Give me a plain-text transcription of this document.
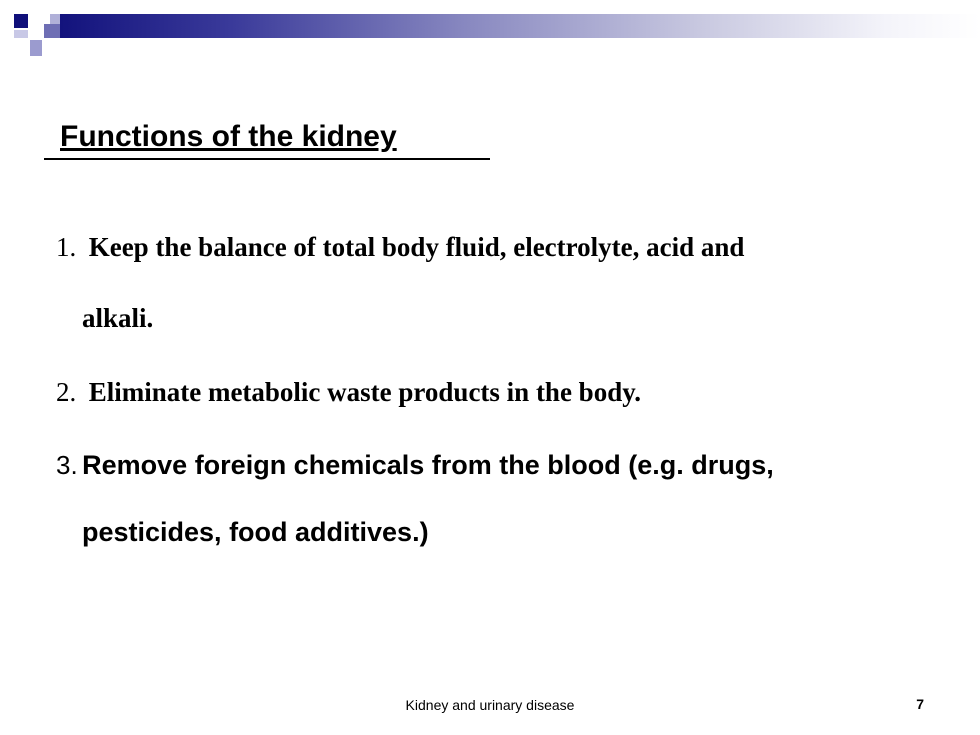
Functions of the kidney
1. Keep the balance of total body fluid, electrolyte, acid and
alkali.
2. Eliminate metabolic waste products in the body.
3. Remove foreign chemicals from the blood (e.g. drugs,
pesticides, food additives.)
Kidney and urinary disease	7
